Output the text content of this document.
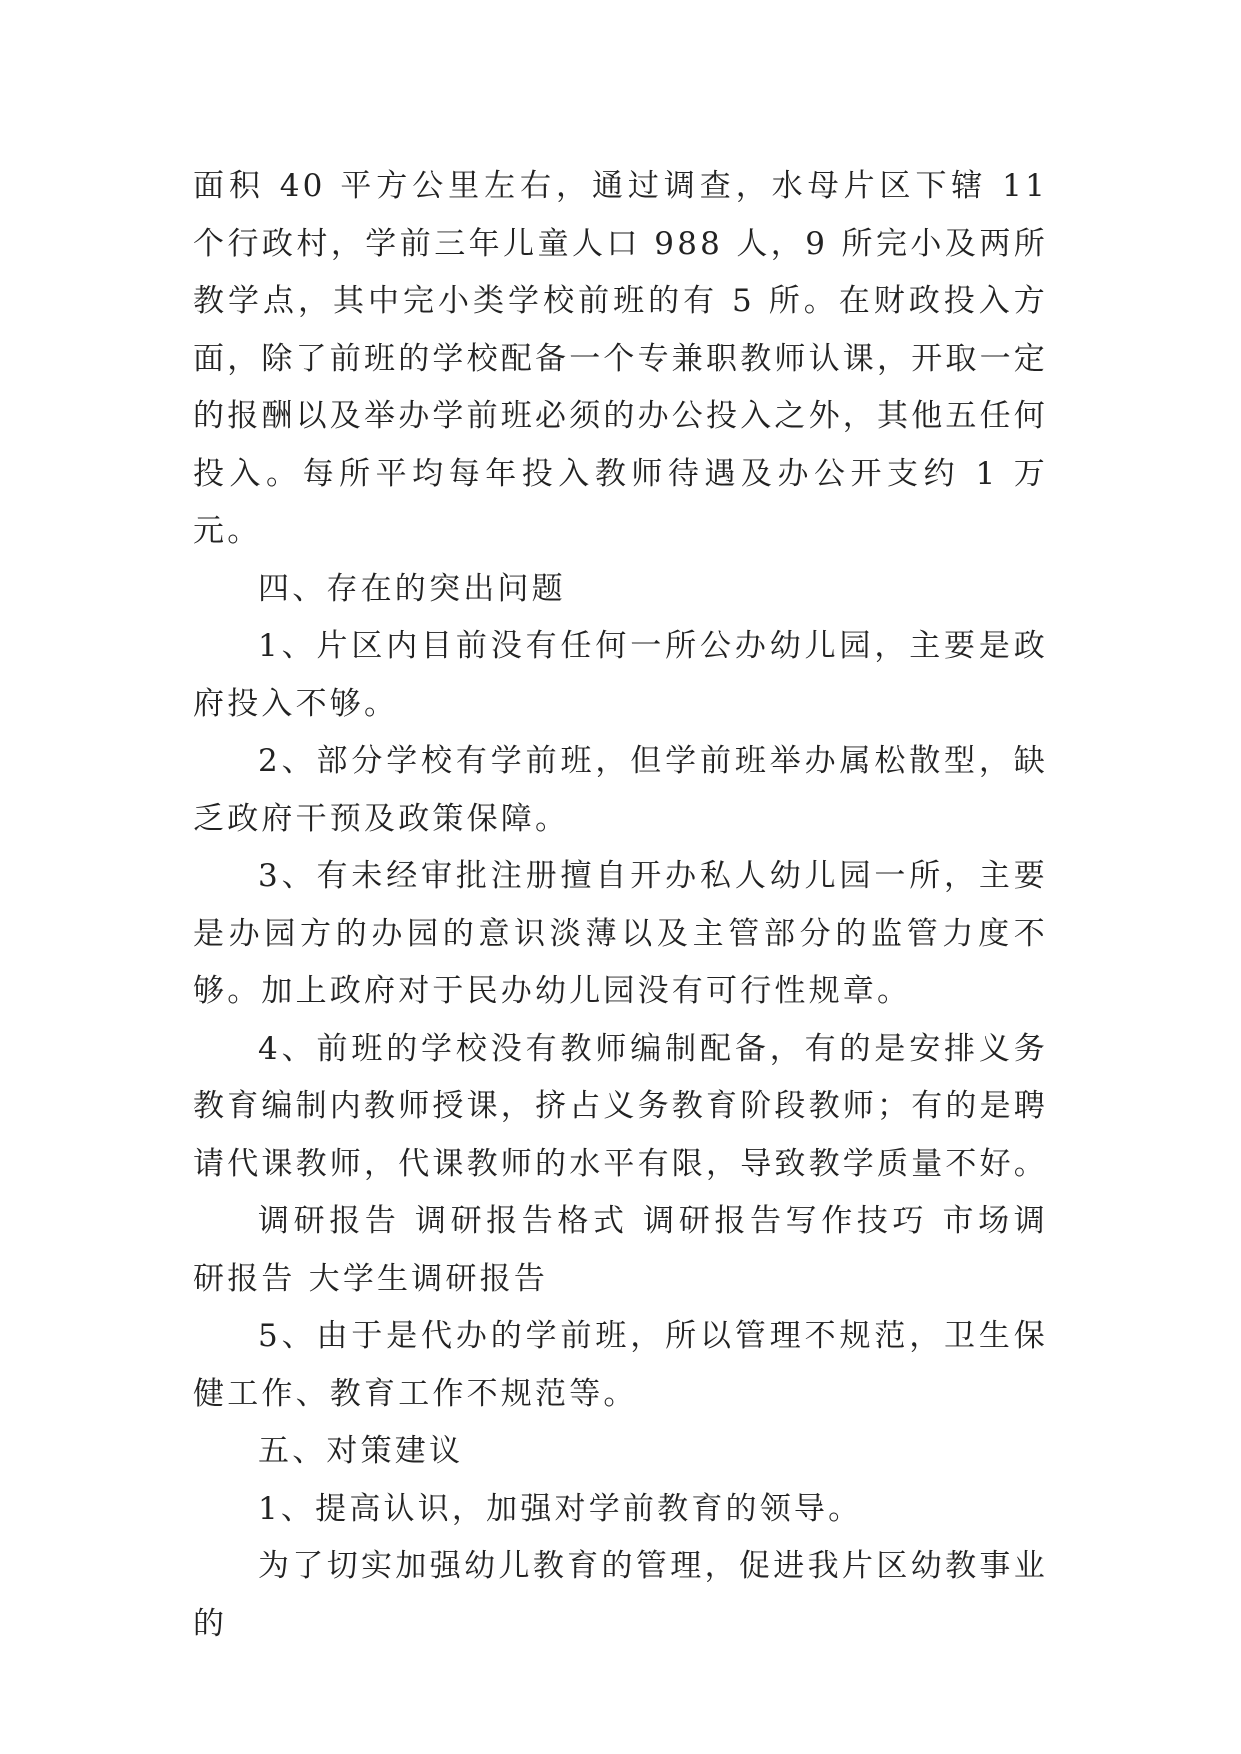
面积 40 平方公里左右，通过调查，水母片区下辖 11 个行政村，学前三年儿童人口 988 人，9 所完小及两所教学点，其中完小类学校前班的有 5 所。在财政投入方面，除了前班的学校配备一个专兼职教师认课，开取一定的报酬以及举办学前班必须的办公投入之外，其他五任何投入。每所平均每年投入教师待遇及办公开支约 1 万元。

四、存在的突出问题

1、片区内目前没有任何一所公办幼儿园，主要是政府投入不够。

2、部分学校有学前班，但学前班举办属松散型，缺乏政府干预及政策保障。

3、有未经审批注册擅自开办私人幼儿园一所，主要是办园方的办园的意识淡薄以及主管部分的监管力度不够。加上政府对于民办幼儿园没有可行性规章。

4、前班的学校没有教师编制配备，有的是安排义务教育编制内教师授课，挤占义务教育阶段教师；有的是聘请代课教师，代课教师的水平有限，导致教学质量不好。

调研报告 调研报告格式 调研报告写作技巧 市场调研报告 大学生调研报告

5、由于是代办的学前班，所以管理不规范，卫生保健工作、教育工作不规范等。

五、对策建议

1、提高认识，加强对学前教育的领导。

为了切实加强幼儿教育的管理，促进我片区幼教事业的
